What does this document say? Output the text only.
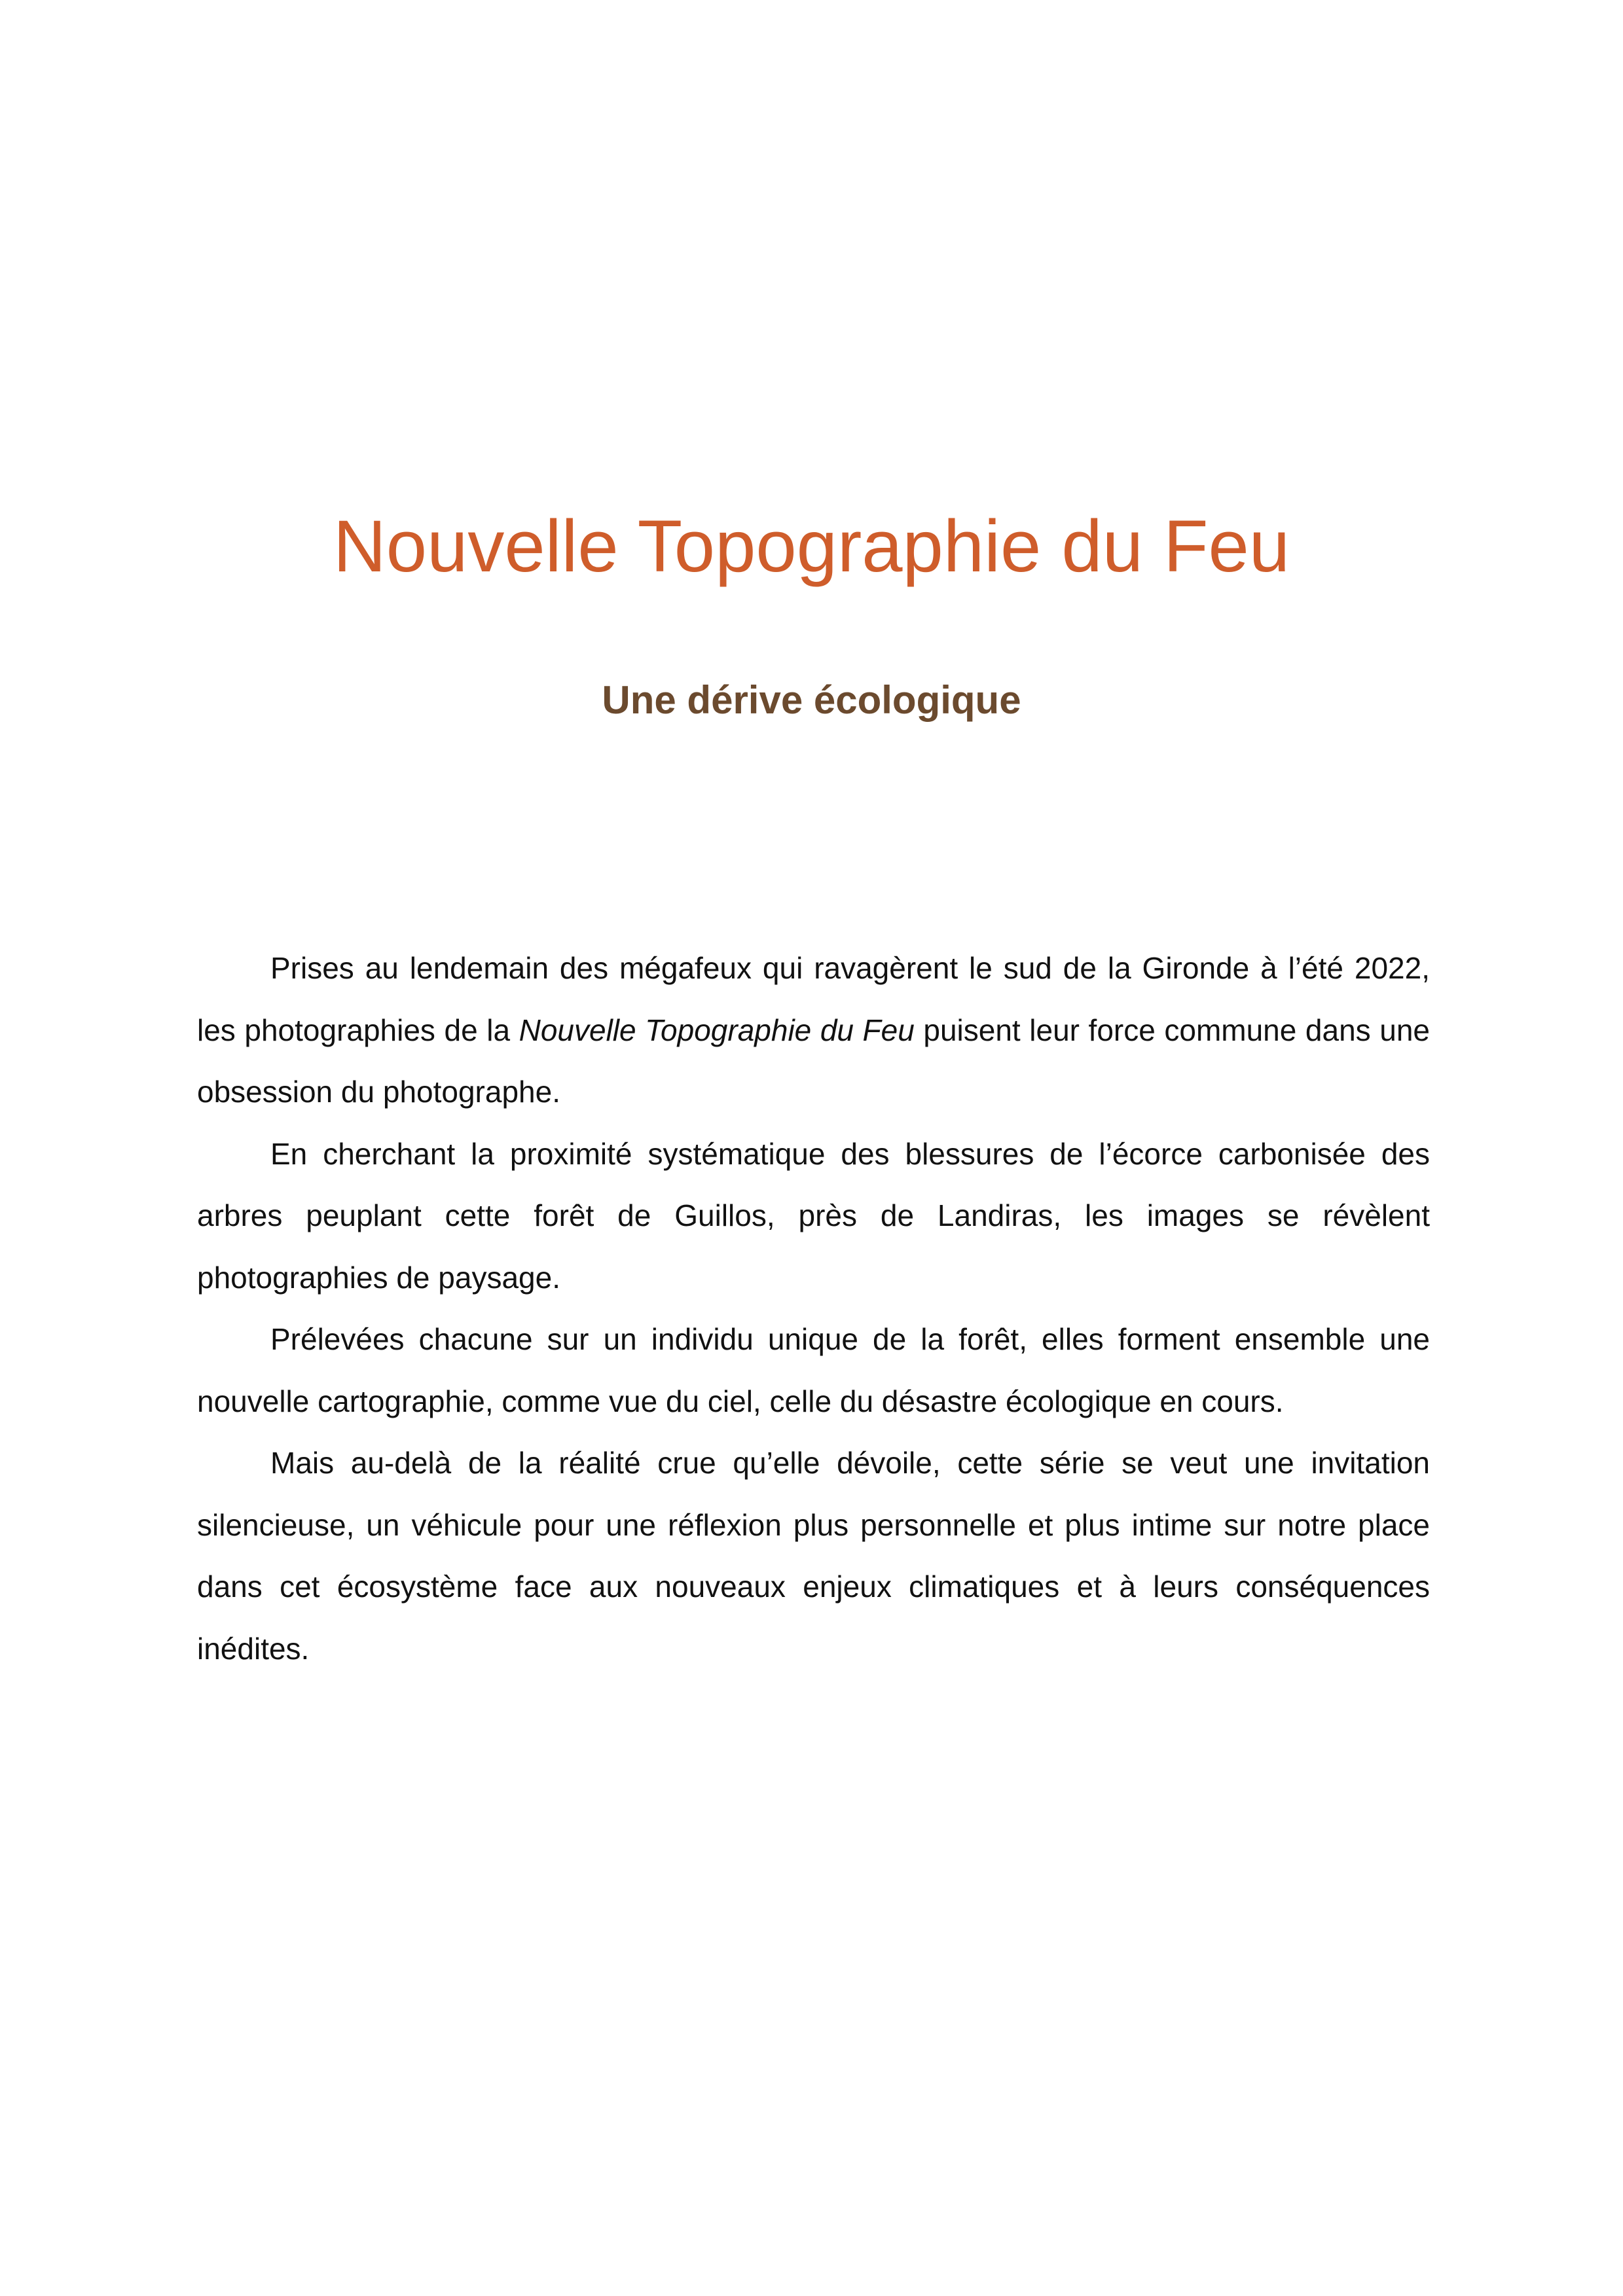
Nouvelle Topographie du Feu
Une dérive écologique

Prises au lendemain des mégafeux qui ravagèrent le sud de la Gironde à l’été 2022, les photographies de la Nouvelle Topographie du Feu puisent leur force commune dans une obsession du photographe.

En cherchant la proximité systématique des blessures de l’écorce carbonisée des arbres peuplant cette forêt de Guillos, près de Landiras, les images se révèlent photographies de paysage.

Prélevées chacune sur un individu unique de la forêt, elles forment ensemble une nouvelle cartographie, comme vue du ciel, celle du désastre écologique en cours.

Mais au-delà de la réalité crue qu’elle dévoile, cette série se veut une invitation silencieuse, un véhicule pour une réflexion plus personnelle et plus intime sur notre place dans cet écosystème face aux nouveaux enjeux climatiques et à leurs conséquences inédites.
